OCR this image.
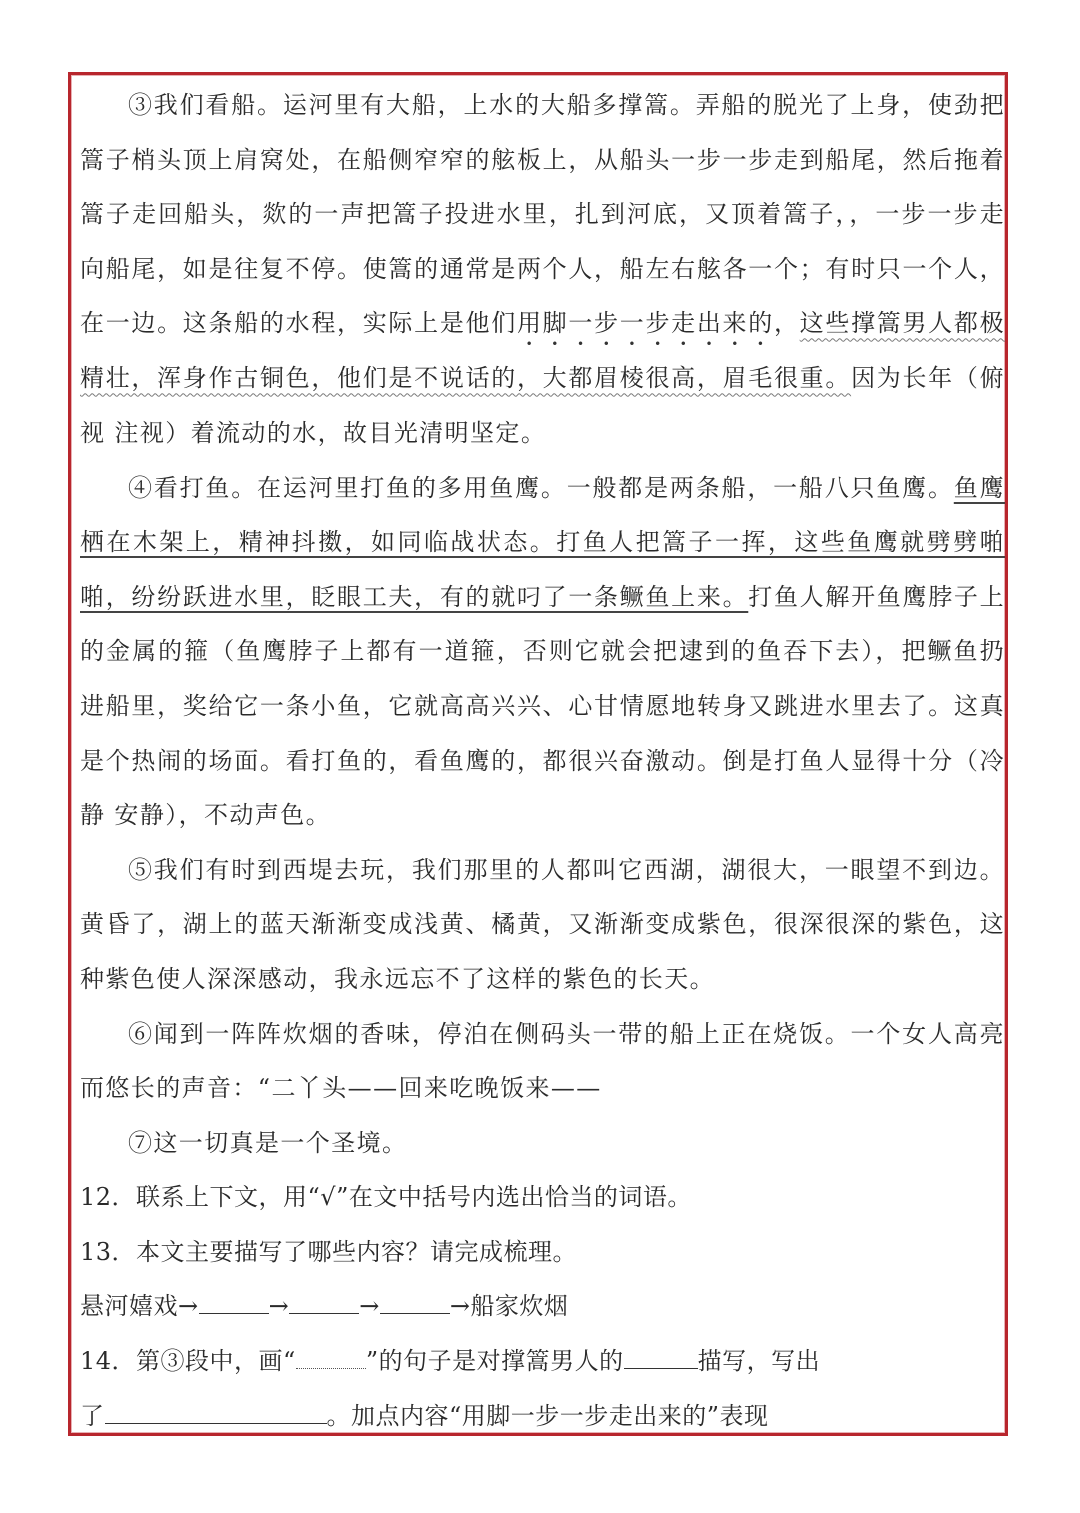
③我们看船。运河里有大船，上水的大船多撑篙。弄船的脱光了上身，使劲把篙子梢头顶上肩窝处，在船侧窄窄的舷板上，从船头一步一步走到船尾，然后拖着篙子走回船头，欻的一声把篙子投进水里，扎到河底，又顶着篙子，，一步一步走向船尾，如是往复不停。使篙的通常是两个人，船左右舷各一个；有时只一个人，在一边。这条船的水程，实际上是他们用脚一步一步走出来的，这些撑篙男人都极精壮，浑身作古铜色，他们是不说话的，大都眉棱很高，眉毛很重。因为长年（俯视 注视）着流动的水，故目光清明坚定。

④看打鱼。在运河里打鱼的多用鱼鹰。一般都是两条船，一船八只鱼鹰。鱼鹰栖在木架上，精神抖擞，如同临战状态。打鱼人把篙子一挥，这些鱼鹰就劈劈啪啪，纷纷跃进水里，眨眼工夫，有的就叼了一条鳜鱼上来。打鱼人解开鱼鹰脖子上的金属的箍（鱼鹰脖子上都有一道箍，否则它就会把逮到的鱼吞下去），把鳜鱼扔进船里，奖给它一条小鱼，它就高高兴兴、心甘情愿地转身又跳进水里去了。这真是个热闹的场面。看打鱼的，看鱼鹰的，都很兴奋激动。倒是打鱼人显得十分（冷静 安静），不动声色。

⑤我们有时到西堤去玩，我们那里的人都叫它西湖，湖很大，一眼望不到边。黄昏了，湖上的蓝天渐渐变成浅黄、橘黄，又渐渐变成紫色，很深很深的紫色，这种紫色使人深深感动，我永远忘不了这样的紫色的长天。

⑥闻到一阵阵炊烟的香味，停泊在侧码头一带的船上正在烧饭。一个女人高亮而悠长的声音：“二丫头——回来吃晚饭来——

⑦这一切真是一个圣境。

12．联系上下文，用“√”在文中括号内选出恰当的词语。

13．本文主要描写了哪些内容？请完成梳理。

悬河嬉戏→	→	→	→船家炊烟

14．第③段中，画“	”的句子是对撑篙男人的	描写，写出

了	。加点内容“用脚一步一步走出来的”表现
